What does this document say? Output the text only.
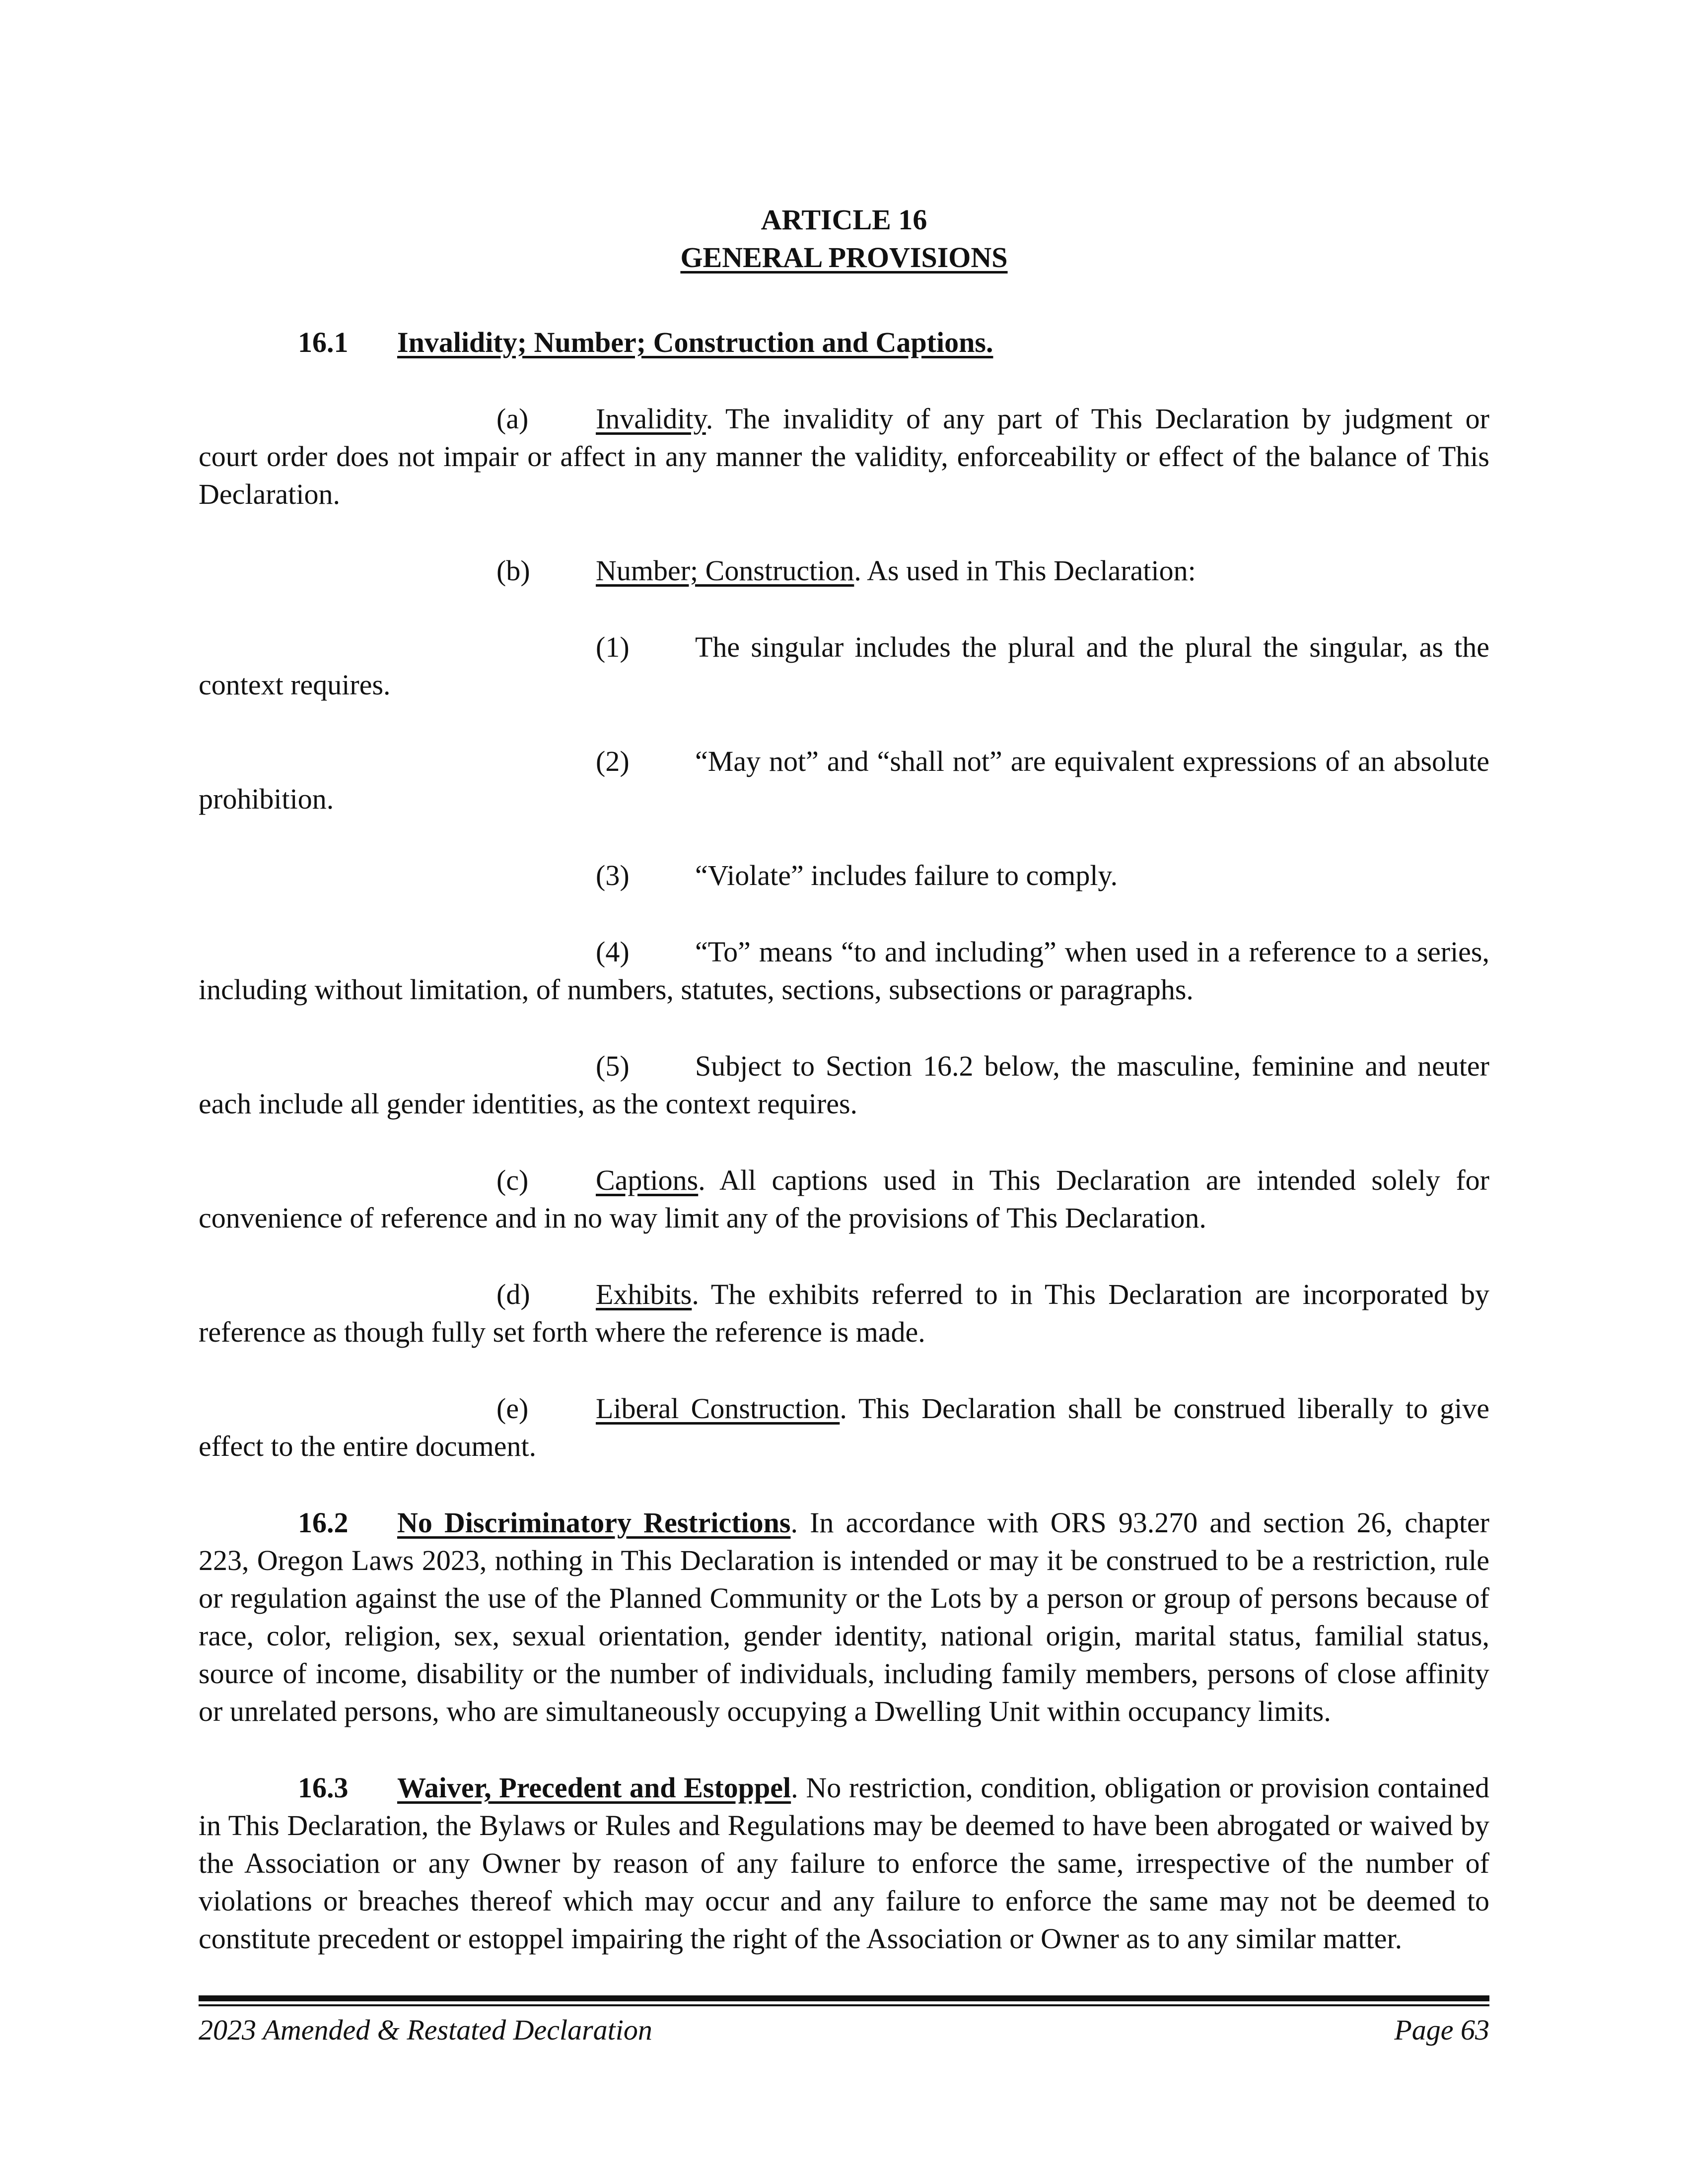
ARTICLE 16
GENERAL PROVISIONS

16.1 Invalidity; Number; Construction and Captions.

(a) Invalidity. The invalidity of any part of This Declaration by judgment or court order does not impair or affect in any manner the validity, enforceability or effect of the balance of This Declaration.

(b) Number; Construction. As used in This Declaration:

(1) The singular includes the plural and the plural the singular, as the context requires.

(2) “May not” and “shall not” are equivalent expressions of an absolute prohibition.

(3) “Violate” includes failure to comply.

(4) “To” means “to and including” when used in a reference to a series, including without limitation, of numbers, statutes, sections, subsections or paragraphs.

(5) Subject to Section 16.2 below, the masculine, feminine and neuter each include all gender identities, as the context requires.

(c) Captions. All captions used in This Declaration are intended solely for convenience of reference and in no way limit any of the provisions of This Declaration.

(d) Exhibits. The exhibits referred to in This Declaration are incorporated by reference as though fully set forth where the reference is made.

(e) Liberal Construction. This Declaration shall be construed liberally to give effect to the entire document.

16.2 No Discriminatory Restrictions. In accordance with ORS 93.270 and section 26, chapter 223, Oregon Laws 2023, nothing in This Declaration is intended or may it be construed to be a restriction, rule or regulation against the use of the Planned Community or the Lots by a person or group of persons because of race, color, religion, sex, sexual orientation, gender identity, national origin, marital status, familial status, source of income, disability or the number of individuals, including family members, persons of close affinity or unrelated persons, who are simultaneously occupying a Dwelling Unit within occupancy limits.

16.3 Waiver, Precedent and Estoppel. No restriction, condition, obligation or provision contained in This Declaration, the Bylaws or Rules and Regulations may be deemed to have been abrogated or waived by the Association or any Owner by reason of any failure to enforce the same, irrespective of the number of violations or breaches thereof which may occur and any failure to enforce the same may not be deemed to constitute precedent or estoppel impairing the right of the Association or Owner as to any similar matter.

2023 Amended & Restated Declaration	Page 63
